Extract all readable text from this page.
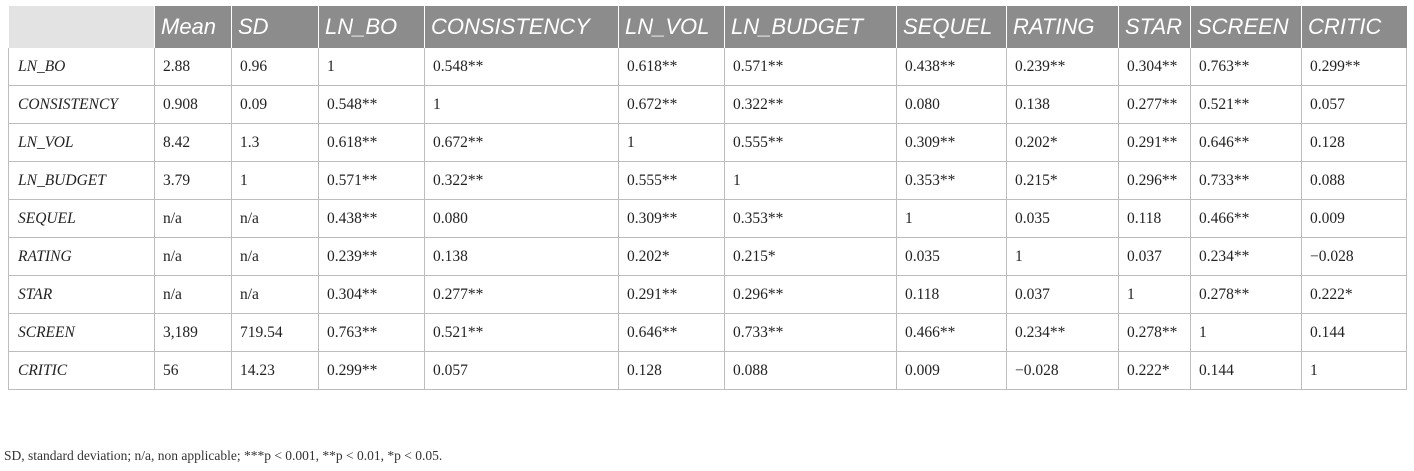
	Mean	SD	LN_BO	CONSISTENCY	LN_VOL	LN_BUDGET	SEQUEL	RATING	STAR	SCREEN	CRITIC
LN_BO	2.88	0.96	1	0.548**	0.618**	0.571**	0.438**	0.239**	0.304**	0.763**	0.299**
CONSISTENCY	0.908	0.09	0.548**	1	0.672**	0.322**	0.080	0.138	0.277**	0.521**	0.057
LN_VOL	8.42	1.3	0.618**	0.672**	1	0.555**	0.309**	0.202*	0.291**	0.646**	0.128
LN_BUDGET	3.79	1	0.571**	0.322**	0.555**	1	0.353**	0.215*	0.296**	0.733**	0.088
SEQUEL	n/a	n/a	0.438**	0.080	0.309**	0.353**	1	0.035	0.118	0.466**	0.009
RATING	n/a	n/a	0.239**	0.138	0.202*	0.215*	0.035	1	0.037	0.234**	−0.028
STAR	n/a	n/a	0.304**	0.277**	0.291**	0.296**	0.118	0.037	1	0.278**	0.222*
SCREEN	3,189	719.54	0.763**	0.521**	0.646**	0.733**	0.466**	0.234**	0.278**	1	0.144
CRITIC	56	14.23	0.299**	0.057	0.128	0.088	0.009	−0.028	0.222*	0.144	1
SD, standard deviation; n/a, non applicable; ***p < 0.001, **p < 0.01, *p < 0.05.
